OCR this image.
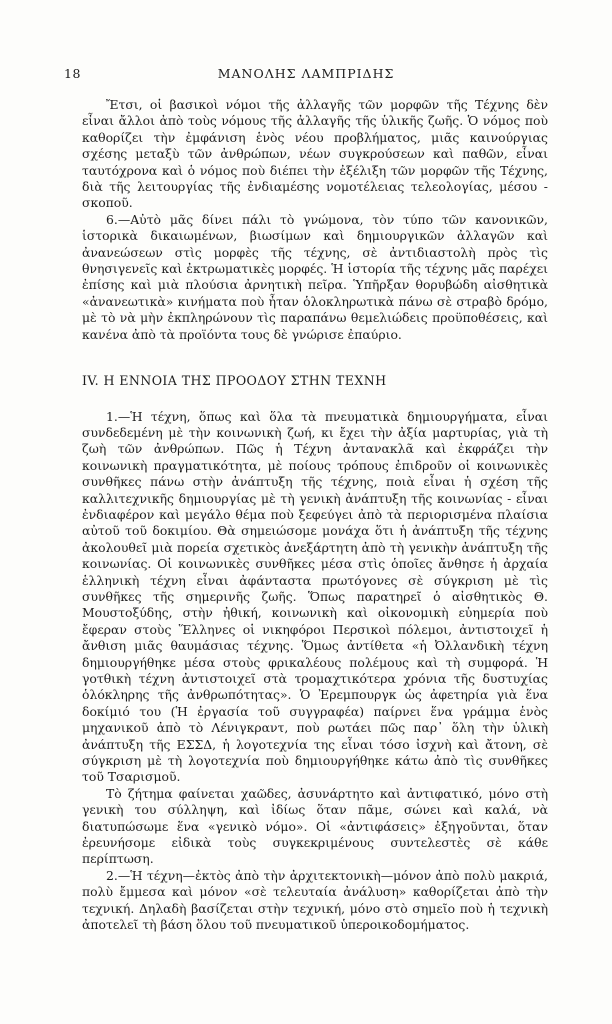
18	ΜΑΝΟΛΗΣ ΛΑΜΠΡΙΔΗΣ

Ἔτσι, οἱ βασικοὶ νόμοι τῆς ἀλλαγῆς τῶν μορφῶν τῆς Τέχνης δὲν εἶναι ἄλλοι ἀπὸ τοὺς νόμους τῆς ἀλλαγῆς τῆς ὑλικῆς ζωῆς. Ὁ νόμος ποὺ καθορίζει τὴν ἐμφάνιση ἑνὸς νέου προβλήματος, μιᾶς καινούργιας σχέσης μεταξὺ τῶν ἀνθρώπων, νέων συγκρούσεων καὶ παθῶν, εἶναι ταυτόχρονα καὶ ὁ νόμος ποὺ διέπει τὴν ἐξέλιξη τῶν μορφῶν τῆς Τέχνης, διὰ τῆς λειτουργίας τῆς ἐνδιαμέσης νομοτέλειας τελεολογίας, μέσου - σκοποῦ.

6.—Αὐτὸ μᾶς δίνει πάλι τὸ γνώμονα, τὸν τύπο τῶν κανονικῶν, ἱστορικὰ δικαιωμένων, βιωσίμων καὶ δημιουργικῶν ἀλλαγῶν καὶ ἀνανεώσεων στὶς μορφὲς τῆς τέχνης, σὲ ἀντιδιαστολὴ πρὸς τὶς θνησιγενεῖς καὶ ἐκτρωματικὲς μορφές. Ἡ ἱστορία τῆς τέχνης μᾶς παρέχει ἐπίσης καὶ μιὰ πλούσια ἀρνητικὴ πεῖρα. Ὑπῆρξαν θορυβώδη αἰσθητικὰ «ἀνανεωτικὰ» κινήματα ποὺ ἦταν ὁλοκληρωτικὰ πάνω σὲ στραβὸ δρόμο, μὲ τὸ νὰ μὴν ἐκπληρώνουν τὶς παραπάνω θεμελιώδεις προϋποθέσεις, καὶ κανένα ἀπὸ τὰ προϊόντα τους δὲ γνώρισε ἐπαύριο.

IV. Η ΕΝΝΟΙΑ ΤΗΣ ΠΡΟΟΔΟΥ ΣΤΗΝ ΤΕΧΝΗ

1.—Ἡ τέχνη, ὅπως καὶ ὅλα τὰ πνευματικὰ δημιουργήματα, εἶναι συνδεδεμένη μὲ τὴν κοινωνικὴ ζωή, κι ἔχει τὴν ἀξία μαρτυρίας, γιὰ τὴ ζωὴ τῶν ἀνθρώπων. Πῶς ἡ Τέχνη ἀντανακλᾶ καὶ ἐκφράζει τὴν κοινωνικὴ πραγματικότητα, μὲ ποίους τρόπους ἐπιδροῦν οἱ κοινωνικὲς συνθῆκες πάνω στὴν ἀνάπτυξη τῆς τέχνης, ποιὰ εἶναι ἡ σχέση τῆς καλλιτεχνικῆς δημιουργίας μὲ τὴ γενικὴ ἀνάπτυξη τῆς κοινωνίας - εἶναι ἐνδιαφέρον καὶ μεγάλο θέμα ποὺ ξεφεύγει ἀπὸ τὰ περιορισμένα πλαίσια αὐτοῦ τοῦ δοκιμίου. Θὰ σημειώσομε μονάχα ὅτι ἡ ἀνάπτυξη τῆς τέχνης ἀκολουθεῖ μιὰ πορεία σχετικὸς ἀνεξάρτητη ἀπὸ τὴ γενικὴν ἀνάπτυξη τῆς κοινωνίας. Οἱ κοινωνικὲς συνθῆκες μέσα στὶς ὁποῖες ἄνθησε ἡ ἀρχαία ἑλληνικὴ τέχνη εἶναι ἀφάνταστα πρωτόγονες σὲ σύγκριση μὲ τὶς συνθῆκες τῆς σημερινῆς ζωῆς. Ὅπως παρατηρεῖ ὁ αἰσθητικὸς Θ. Μουστοξύδης, στὴν ἠθική, κοινωνικὴ καὶ οἰκονομικὴ εὐημερία ποὺ ἔφεραν στοὺς Ἕλληνες οἱ νικηφόροι Περσικοὶ πόλεμοι, ἀντιστοιχεῖ ἡ ἄνθιση μιᾶς θαυμάσιας τέχνης. Ὅμως ἀντίθετα «ἡ Ὀλλανδικὴ τέχνη δημιουργήθηκε μέσα στοὺς φρικαλέους πολέμους καὶ τὴ συμφορά. Ἡ γοτθικὴ τέχνη ἀντιστοιχεῖ στὰ τρομαχτικότερα χρόνια τῆς δυστυχίας ὁλόκληρης τῆς ἀνθρωπότητας». Ὁ Ἐρεμπουργκ ὡς ἀφετηρία γιὰ ἕνα δοκίμιό του (Ἡ ἐργασία τοῦ συγγραφέα) παίρνει ἕνα γράμμα ἑνὸς μηχανικοῦ ἀπὸ τὸ Λένιγκραντ, ποὺ ρωτάει πῶς παρ᾽ ὅλη τὴν ὑλικὴ ἀνάπτυξη τῆς ΕΣΣΔ, ἡ λογοτεχνία της εἶναι τόσο ἰσχνὴ καὶ ἄτονη, σὲ σύγκριση μὲ τὴ λογοτεχνία ποὺ δημιουργήθηκε κάτω ἀπὸ τὶς συνθῆκες τοῦ Τσαρισμοῦ.

Τὸ ζήτημα φαίνεται χαῶδες, ἀσυνάρτητο καὶ ἀντιφατικό, μόνο στὴ γενικὴ του σύλληψη, καὶ ἰδίως ὅταν πᾶμε, σώνει καὶ καλά, νὰ διατυπώσωμε ἕνα «γενικὸ νόμο». Οἱ «ἀντιφάσεις» ἐξηγοῦνται, ὅταν ἐρευνήσομε εἰδικὰ τοὺς συγκεκριμένους συντελεστὲς σὲ κάθε περίπτωση.

2.—Ἡ τέχνη—ἐκτὸς ἀπὸ τὴν ἀρχιτεκτονικὴ—μόνον ἀπὸ πολὺ μακριά, πολὺ ἔμμεσα καὶ μόνον «σὲ τελευταία ἀνάλυση» καθορίζεται ἀπὸ τὴν τεχνική. Δηλαδὴ βασίζεται στὴν τεχνική, μόνο στὸ σημεῖο ποὺ ἡ τεχνικὴ ἀποτελεῖ τὴ βάση ὅλου τοῦ πνευματικοῦ ὑπεροικοδομήματος.
